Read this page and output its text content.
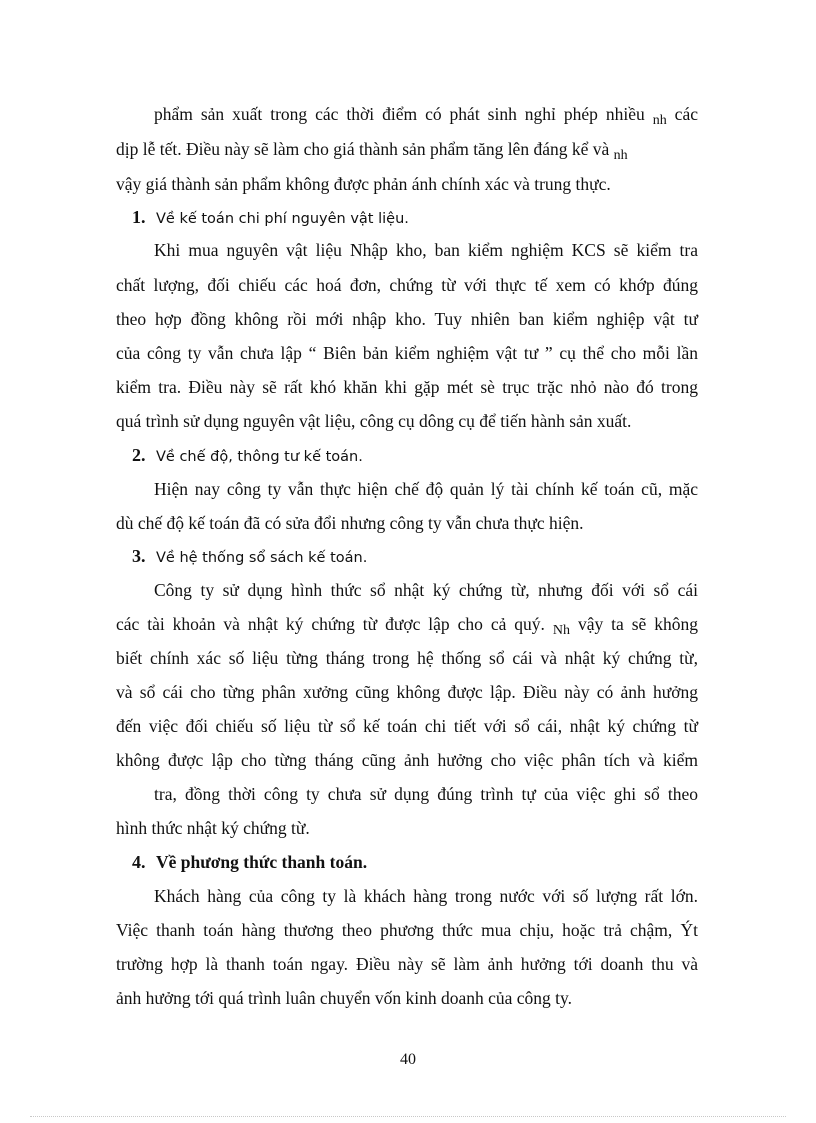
phẩm sản xuất trong các thời điểm có phát sinh nghỉ phép nhiều $_{nh}$ các
dịp lễ tết. Điều này sẽ làm cho giá thành sản phẩm tăng lên đáng kể và $_{nh}$
vậy giá thành sản phẩm không được phản ánh chính xác và trung thực.
1. Về kế toán chi phí nguyên vật liệu.
Khi mua nguyên vật liệu Nhập kho, ban kiểm nghiệm KCS sẽ kiểm tra
chất lượng, đối chiếu các hoá đơn, chứng từ với thực tế xem có khớp đúng
theo hợp đồng không rồi mới nhập kho. Tuy nhiên ban kiểm nghiệp vật tư
của công ty vẫn chưa lập “ Biên bản kiểm nghiệm vật tư ” cụ thể cho mỗi lần
kiểm tra. Điều này sẽ rất khó khăn khi gặp mét sè trục trặc nhỏ nào đó trong
quá trình sử dụng nguyên vật liệu, công cụ dông cụ để tiến hành sản xuất.
2. Về chế độ, thông tư kế toán.
Hiện nay công ty vẫn thực hiện chế độ quản lý tài chính kế toán cũ, mặc
dù chế độ kế toán đã có sửa đổi nhưng công ty vẫn chưa thực hiện.
3. Về hệ thống sổ sách kế toán.
Công ty sử dụng hình thức sổ nhật ký chứng từ, nhưng đối với sổ cái
các tài khoản và nhật ký chứng từ được lập cho cả quý. $_{Nh}$ vậy ta sẽ không
biết chính xác số liệu từng tháng trong hệ thống sổ cái và nhật ký chứng từ,
và sổ cái cho từng phân xưởng cũng không được lập. Điều này có ảnh hưởng
đến việc đối chiếu số liệu từ sổ kế toán chi tiết với sổ cái, nhật ký chứng từ
không được lập cho từng tháng cũng ảnh hưởng cho việc phân tích và kiểm
tra, đồng thời công ty chưa sử dụng đúng trình tự của việc ghi sổ theo
hình thức nhật ký chứng từ.
4. Về phương thức thanh toán.
Khách hàng của công ty là khách hàng trong nước với số lượng rất lớn.
Việc thanh toán hàng thương theo phương thức mua chịu, hoặc trả chậm, Ýt
trường hợp là thanh toán ngay. Điều này sẽ làm ảnh hưởng tới doanh thu và
ảnh hưởng tới quá trình luân chuyển vốn kinh doanh của công ty.
40
